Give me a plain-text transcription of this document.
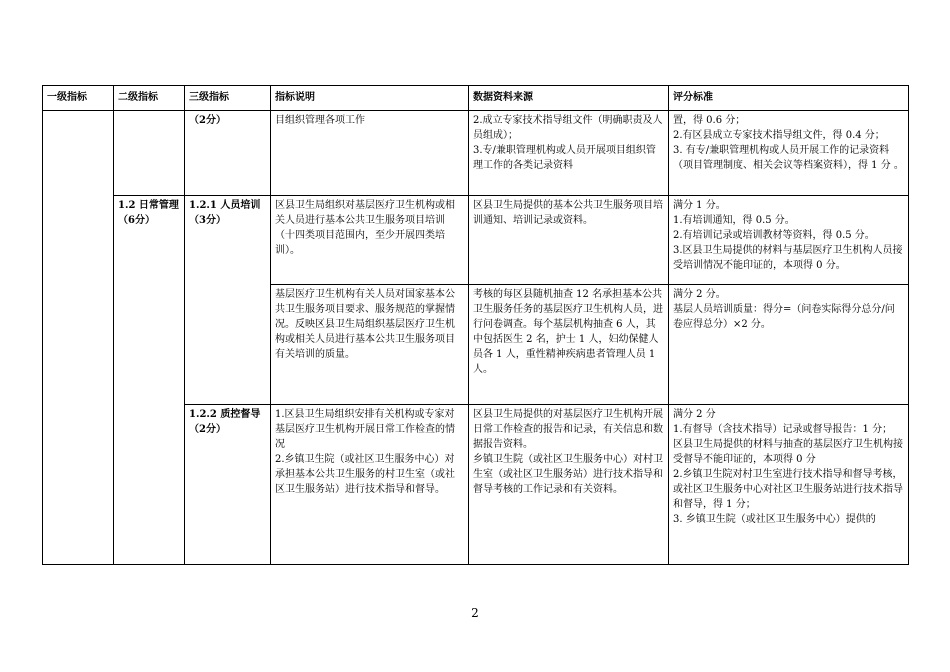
一级指标	二级指标	三级指标	指标说明	数据资料来源	评分标准

		（2分）	目组织管理各项工作	2.成立专家技术指导组文件（明确职责及人员组成）；
3.专/兼职管理机构或人员开展项目组织管理工作的各类记录资料	置，得 0.6 分；
2.有区县成立专家技术指导组文件，得 0.4 分；
3. 有专/兼职管理机构或人员开展工作的记录资料（项目管理制度、相关会议等档案资料），得 1 分 。

	1.2 日常管理
（6分）	1.2.1 人员培训
（3分）	区县卫生局组织对基层医疗卫生机构或相关人员进行基本公共卫生服务项目培训（十四类项目范围内，至少开展四类培训）。	区县卫生局提供的基本公共卫生服务项目培训通知、培训记录或资料。	满分 1 分。
1.有培训通知，得 0.5 分。
2.有培训记录或培训教材等资料，得 0.5 分。
3.区县卫生局提供的材料与基层医疗卫生机构人员接受培训情况不能印证的，本项得 0 分。

			基层医疗卫生机构有关人员对国家基本公共卫生服务项目要求、服务规范的掌握情况。反映区县卫生局组织基层医疗卫生机构或相关人员进行基本公共卫生服务项目有关培训的质量。	考核的每区县随机抽查 12 名承担基本公共卫生服务任务的基层医疗卫生机构人员，进行问卷调查。每个基层机构抽查 6 人，其中包括医生 2 名，护士 1 人，妇幼保健人员各 1 人，重性精神疾病患者管理人员 1 人。	满分 2 分。
基层人员培训质量：得分=（问卷实际得分总分/问卷应得总分）×2 分。

		1.2.2 质控督导（2分）	1.区县卫生局组织安排有关机构或专家对基层医疗卫生机构开展日常工作检查的情况
2.乡镇卫生院（或社区卫生服务中心）对承担基本公共卫生服务的村卫生室（或社区卫生服务站）进行技术指导和督导。	区县卫生局提供的对基层医疗卫生机构开展日常工作检查的报告和记录，有关信息和数据报告资料。
乡镇卫生院（或社区卫生服务中心）对村卫生室（或社区卫生服务站）进行技术指导和督导考核的工作记录和有关资料。	满分 2 分
1.有督导（含技术指导）记录或督导报告：1 分；
区县卫生局提供的材料与抽查的基层医疗卫生机构接受督导不能印证的，本项得 0 分
2.乡镇卫生院对村卫生室进行技术指导和督导考核，或社区卫生服务中心对社区卫生服务站进行技术指导和督导，得 1 分；
3. 乡镇卫生院（或社区卫生服务中心）提供的
2
